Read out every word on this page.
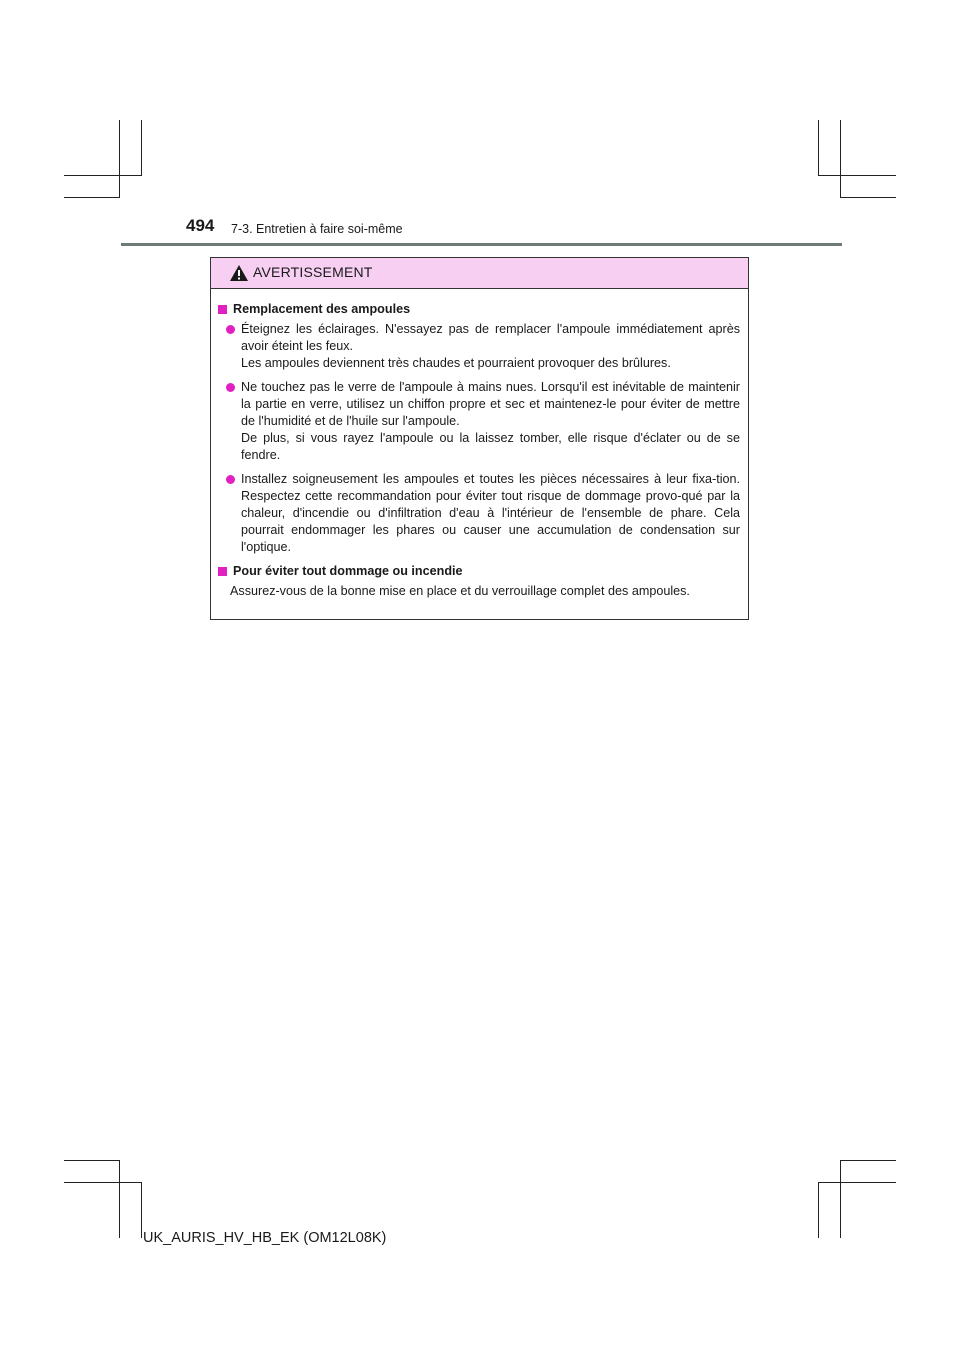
494 7-3. Entretien à faire soi-même
AVERTISSEMENT
Remplacement des ampoules

Éteignez les éclairages. N'essayez pas de remplacer l'ampoule immédiatement après avoir éteint les feux.

Les ampoules deviennent très chaudes et pourraient provoquer des brûlures.

Ne touchez pas le verre de l'ampoule à mains nues. Lorsqu'il est inévitable de maintenir la partie en verre, utilisez un chiffon propre et sec et maintenez-le pour éviter de mettre de l'humidité et de l'huile sur l'ampoule.

De plus, si vous rayez l'ampoule ou la laissez tomber, elle risque d'éclater ou de se fendre.

Installez soigneusement les ampoules et toutes les pièces nécessaires à leur fixa-tion. Respectez cette recommandation pour éviter tout risque de dommage provo-qué par la chaleur, d'incendie ou d'infiltration d'eau à l'intérieur de l'ensemble de phare. Cela pourrait endommager les phares ou causer une accumulation de condensation sur l'optique.

Pour éviter tout dommage ou incendie

Assurez-vous de la bonne mise en place et du verrouillage complet des ampoules.

UK_AURIS_HV_HB_EK (OM12L08K)
